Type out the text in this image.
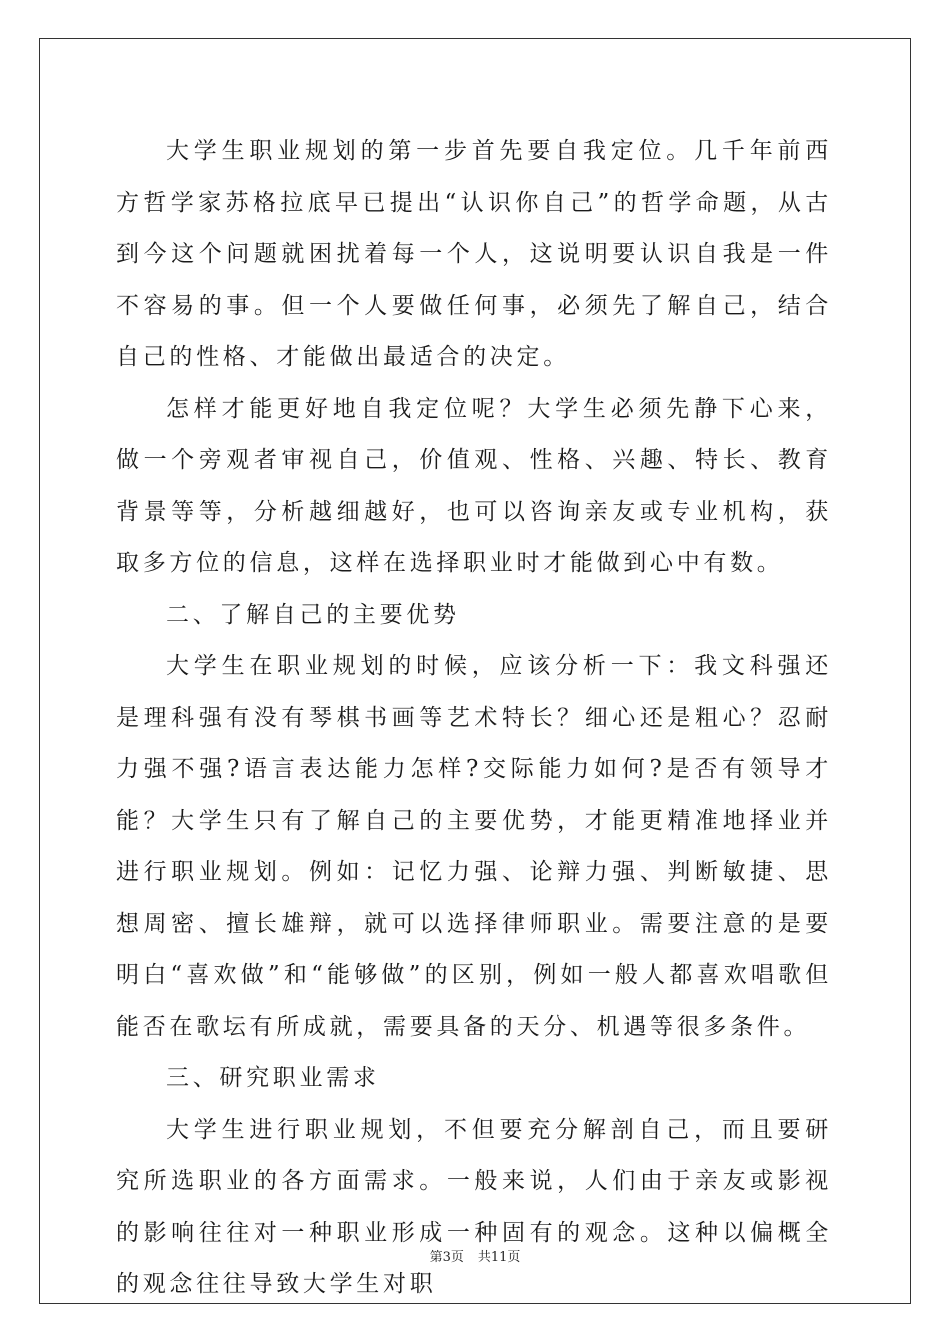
大学生职业规划的第一步首先要自我定位。几千年前西方哲学家苏格拉底早已提出“认识你自己”的哲学命题，从古到今这个问题就困扰着每一个人，这说明要认识自我是一件不容易的事。但一个人要做任何事，必须先了解自己，结合自己的性格、才能做出最适合的决定。

怎样才能更好地自我定位呢？大学生必须先静下心来，做一个旁观者审视自己，价值观、性格、兴趣、特长、教育背景等等，分析越细越好，也可以咨询亲友或专业机构，获取多方位的信息，这样在选择职业时才能做到心中有数。

二、了解自己的主要优势

大学生在职业规划的时候，应该分析一下：我文科强还是理科强有没有琴棋书画等艺术特长？细心还是粗心？忍耐力强不强?语言表达能力怎样?交际能力如何?是否有领导才能？大学生只有了解自己的主要优势，才能更精准地择业并进行职业规划。例如：记忆力强、论辩力强、判断敏捷、思想周密、擅长雄辩，就可以选择律师职业。需要注意的是要明白“喜欢做”和“能够做”的区别，例如一般人都喜欢唱歌但能否在歌坛有所成就，需要具备的天分、机遇等很多条件。

三、研究职业需求

大学生进行职业规划，不但要充分解剖自己，而且要研究所选职业的各方面需求。一般来说，人们由于亲友或影视的影响往往对一种职业形成一种固有的观念。这种以偏概全的观念往往导致大学生对职

第3页 共11页
